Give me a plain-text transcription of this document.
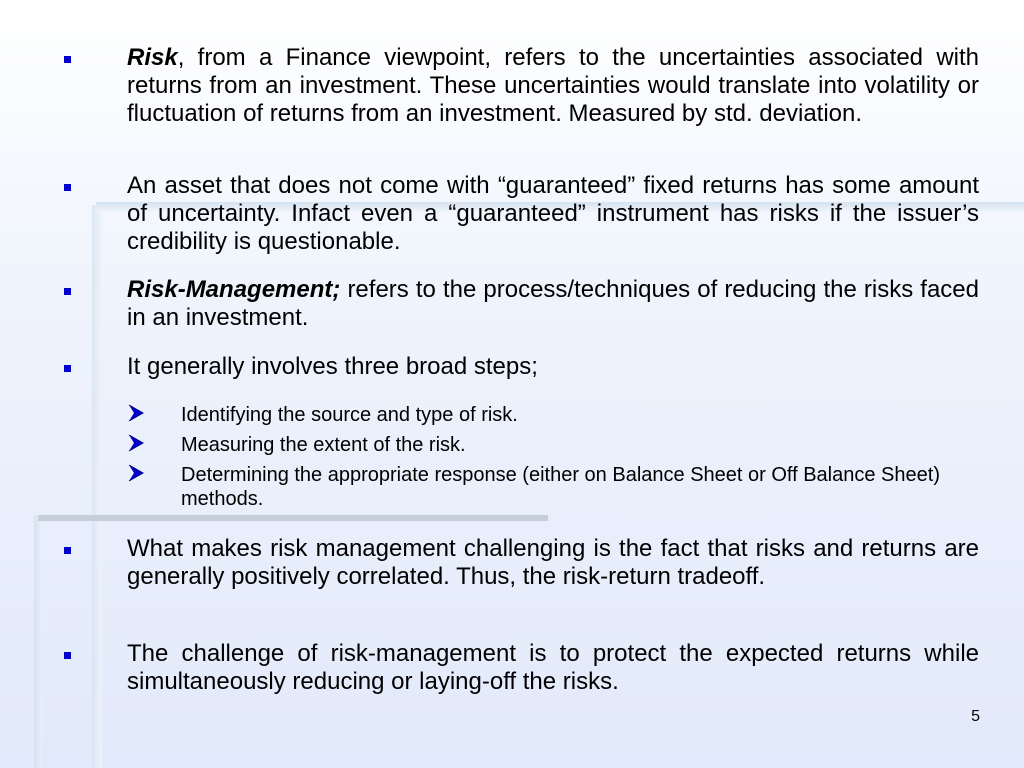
Risk, from a Finance viewpoint, refers to the uncertainties associated with returns from an investment. These uncertainties would translate into volatility or fluctuation of returns from an investment. Measured by std. deviation.
An asset that does not come with “guaranteed” fixed returns has some amount of uncertainty. Infact even a “guaranteed” instrument has risks if the issuer’s credibility is questionable.
Risk-Management; refers to the process/techniques of reducing the risks faced in an investment.
It generally involves three broad steps;
Identifying the source and type of risk.
Measuring the extent of the risk.
Determining the appropriate response (either on Balance Sheet or Off Balance Sheet) methods.
What makes risk management challenging is the fact that risks and returns are generally positively correlated. Thus, the risk-return tradeoff.
The challenge of risk-management is to protect the expected returns while simultaneously reducing or laying-off the risks.
5
